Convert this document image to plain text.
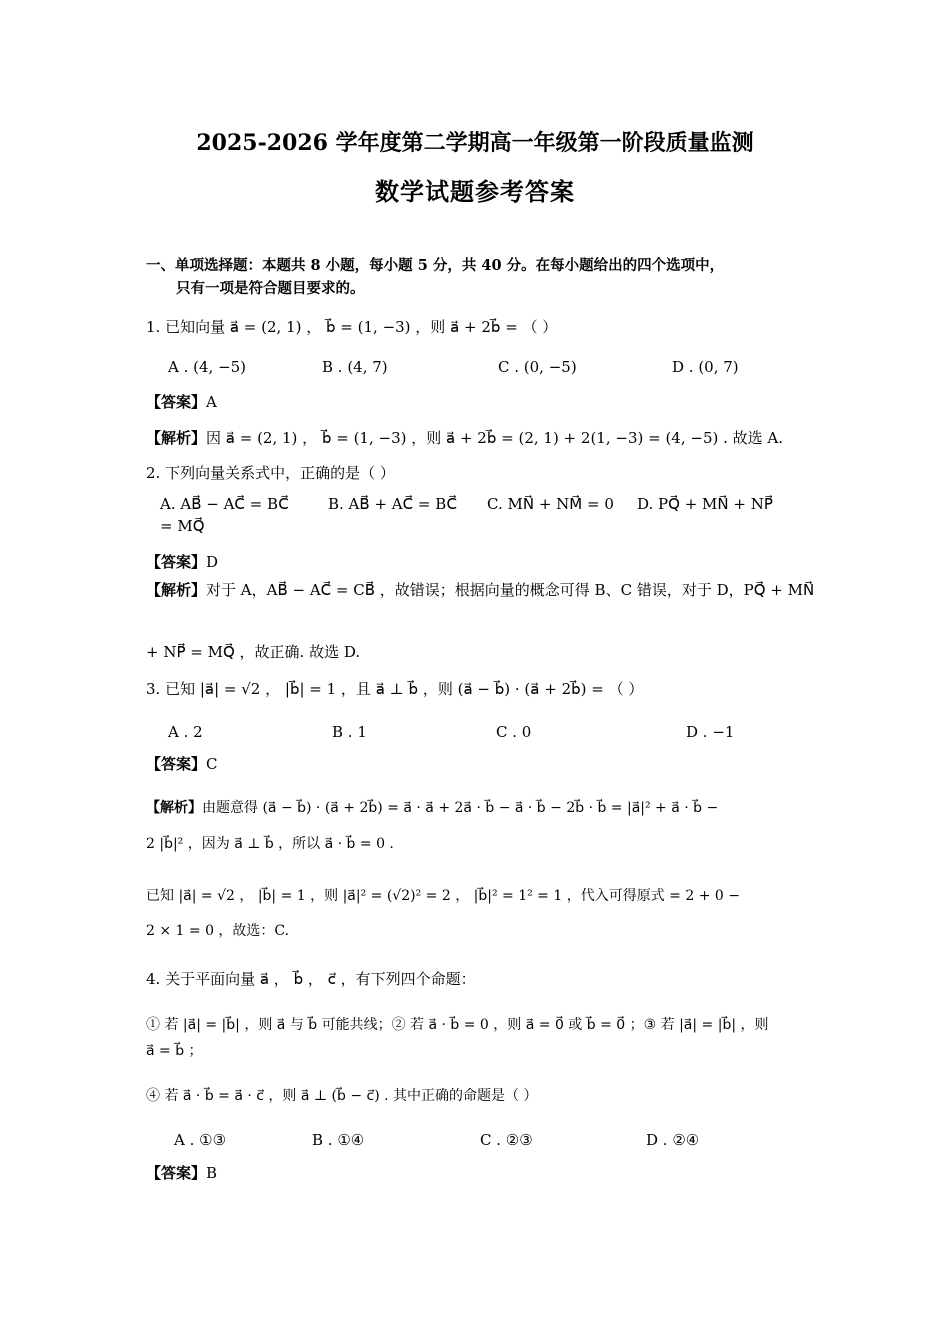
2025-2026 学年度第二学期高一年级第一阶段质量监测
数学试题参考答案
一、单项选择题：本题共 8 小题，每小题 5 分，共 40 分。在每小题给出的四个选项中，
只有一项是符合题目要求的。
1. 已知向量 a⃗ = (2, 1) ， b⃗ = (1, −3) ，则 a⃗ + 2b⃗ = （ ）
A . (4, −5)	B . (4, 7)	C . (0, −5)	D . (0, 7)
【答案】A
【解析】因 a⃗ = (2, 1) ， b⃗ = (1, −3) ，则 a⃗ + 2b⃗ = (2, 1) + 2(1, −3) = (4, −5) . 故选 A.
2. 下列向量关系式中，正确的是（ ）
A. AB⃗ − AC⃗ = BC⃗	B. AB⃗ + AC⃗ = BC⃗ C. MN⃗ + NM⃗ = 0 D. PQ⃗ + MN⃗ + NP⃗
= MQ⃗
【答案】D
【解析】对于 A，AB⃗ − AC⃗ = CB⃗ ，故错误；根据向量的概念可得 B、C 错误，对于 D，PQ⃗ + MN⃗
+ NP⃗ = MQ⃗ ，故正确. 故选 D.
3. 已知 |a⃗| = √2 ， |b⃗| = 1 ，且 a⃗ ⊥ b⃗ ，则 (a⃗ − b⃗) · (a⃗ + 2b⃗) = （ ）
A . 2	B . 1	C . 0	D . −1
【答案】C
【解析】由题意得 (a⃗ − b⃗) · (a⃗ + 2b⃗) = a⃗ · a⃗ + 2a⃗ · b⃗ − a⃗ · b⃗ − 2b⃗ · b⃗ = |a⃗|² + a⃗ · b⃗ −
2 |b⃗|² ，因为 a⃗ ⊥ b⃗ ，所以 a⃗ · b⃗ = 0 .
已知 |a⃗| = √2 ， |b⃗| = 1 ，则 |a⃗|² = (√2)² = 2 ， |b⃗|² = 1² = 1 ，代入可得原式 = 2 + 0 −
2 × 1 = 0 ，故选：C.
4. 关于平面向量 a⃗ ， b⃗ ， c⃗ ，有下列四个命题：
① 若 |a⃗| = |b⃗| ，则 a⃗ 与 b⃗ 可能共线；② 若 a⃗ · b⃗ = 0 ，则 a⃗ = 0⃗ 或 b⃗ = 0⃗ ；③ 若 |a⃗| = |b⃗| ，则
a⃗ = b⃗ ；
④ 若 a⃗ · b⃗ = a⃗ · c⃗ ，则 a⃗ ⊥ (b⃗ − c⃗) . 其中正确的命题是（ ）
A . ①③	B . ①④	C . ②③	D . ②④
【答案】B
